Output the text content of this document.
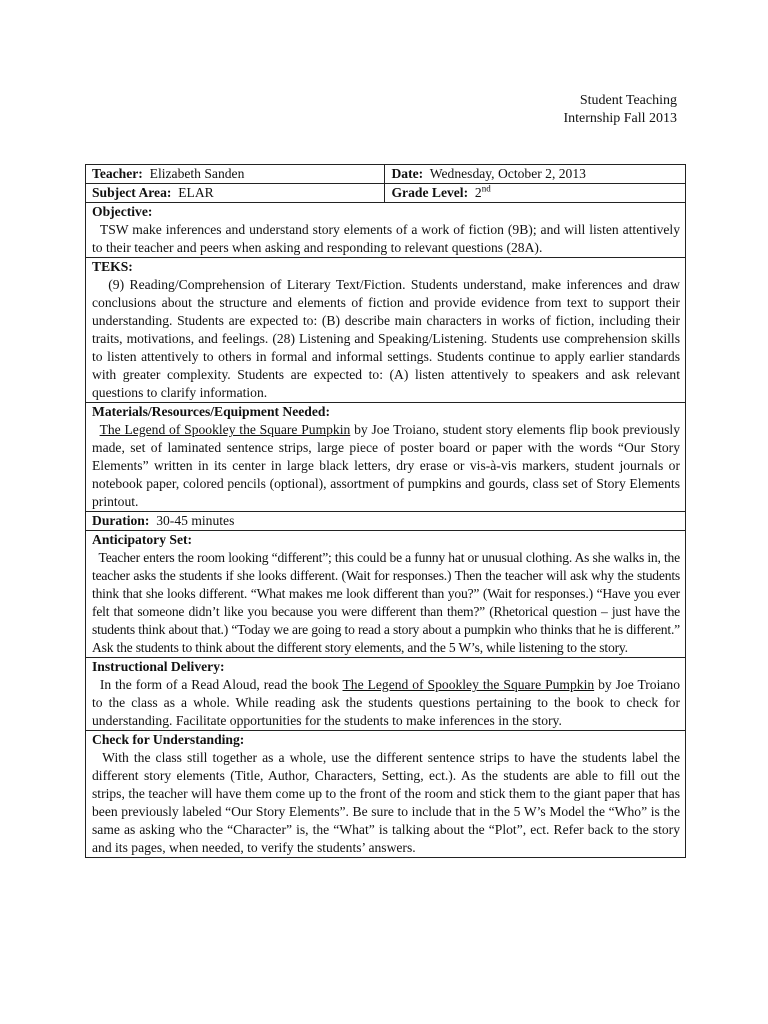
Student Teaching
Internship Fall 2013
Teacher: Elizabeth Sanden	Date: Wednesday, October 2, 2013
Subject Area: ELAR	Grade Level: 2nd

Objective:
TSW make inferences and understand story elements of a work of fiction (9B); and will listen attentively to their teacher and peers when asking and responding to relevant questions (28A).	

TEKS:
(9) Reading/Comprehension of Literary Text/Fiction. Students understand, make inferences and draw conclusions about the structure and elements of fiction and provide evidence from text to support their understanding. Students are expected to: (B) describe main characters in works of fiction, including their traits, motivations, and feelings. (28) Listening and Speaking/Listening. Students use comprehension skills to listen attentively to others in formal and informal settings. Students continue to apply earlier standards with greater complexity. Students are expected to: (A) listen attentively to speakers and ask relevant questions to clarify information.	

Materials/Resources/Equipment Needed:
The Legend of Spookley the Square Pumpkin by Joe Troiano, student story elements flip book previously made, set of laminated sentence strips, large piece of poster board or paper with the words “Our Story Elements” written in its center in large black letters, dry erase or vis-à-vis markers, student journals or notebook paper, colored pencils (optional), assortment of pumpkins and gourds, class set of Story Elements printout.	

Duration: 30-45 minutes	

Anticipatory Set:
Teacher enters the room looking “different”; this could be a funny hat or unusual clothing. As she walks in, the teacher asks the students if she looks different. (Wait for responses.) Then the teacher will ask why the students think that she looks different. “What makes me look different than you?” (Wait for responses.) “Have you ever felt that someone didn’t like you because you were different than them?” (Rhetorical question – just have the students think about that.) “Today we are going to read a story about a pumpkin who thinks that he is different.” Ask the students to think about the different story elements, and the 5 W’s, while listening to the story.	

Instructional Delivery:
In the form of a Read Aloud, read the book The Legend of Spookley the Square Pumpkin by Joe Troiano to the class as a whole. While reading ask the students questions pertaining to the book to check for understanding. Facilitate opportunities for the students to make inferences in the story.	

Check for Understanding:
With the class still together as a whole, use the different sentence strips to have the students label the different story elements (Title, Author, Characters, Setting, ect.). As the students are able to fill out the strips, the teacher will have them come up to the front of the room and stick them to the giant paper that has been previously labeled “Our Story Elements”. Be sure to include that in the 5 W’s Model the “Who” is the same as asking who the “Character” is, the “What” is talking about the “Plot”, ect. Refer back to the story and its pages, when needed, to verify the students’ answers.	
